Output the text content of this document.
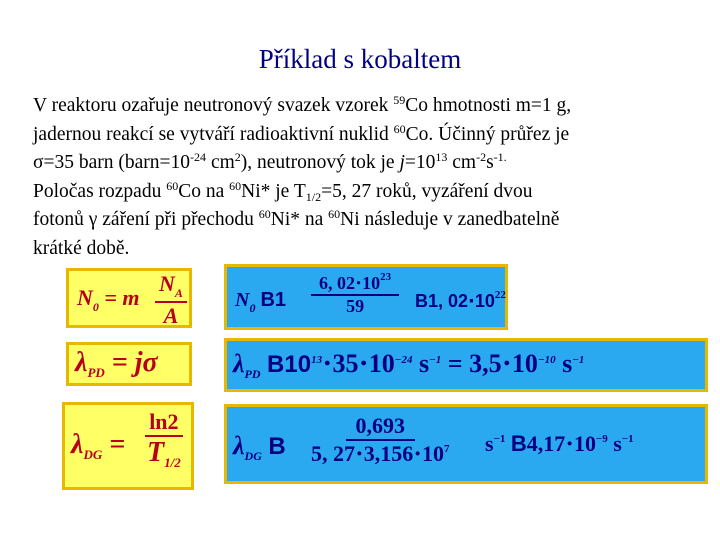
Příklad s kobaltem
V reaktoru ozařuje neutronový svazek vzorek $^{59}$Co hmotnosti m=1 g,
jadernou reakcí se vytváří radioaktivní nuklid $^{60}$Co. Účinný průřez je
σ=35 barn ($barn=10^{-24}$ $cm^2$), neutronový tok je $j=10^{13}$ $cm^{-2}s^{-1.}$
Poločas rozpadu $^{60}$Co na $^{60}$Ni* je $T_{1/2}=5$, 27 roků, vyzáření dvou
fotonů γ záření při přechodu $^{60}$Ni* na $^{60}$Ni následuje v zanedbatelně
krátké době.
$N_0 = m \frac{N_A}{A} N_0$ $B1 \frac{6, 02\cdot 10^{23}}{59} B1$, $02\cdot 10^{22}$
$\lambda_{PD} = j\sigma$	$\lambda_{PD}$ $B10^{13}\cdot 35\cdot 10^{-24}$ $s^{-1} = 3,5\cdot 10^{-10}$ $s^{-1}$
$\lambda_{DG} = \frac{\ln 2}{T_{1/2}} \lambda_{DG}$ B $\frac{0,693}{5, 27\cdot 3,156\cdot 10^7} s^{-1}$ $B4,17\cdot 10^{-9}$ $s^{-1}$
